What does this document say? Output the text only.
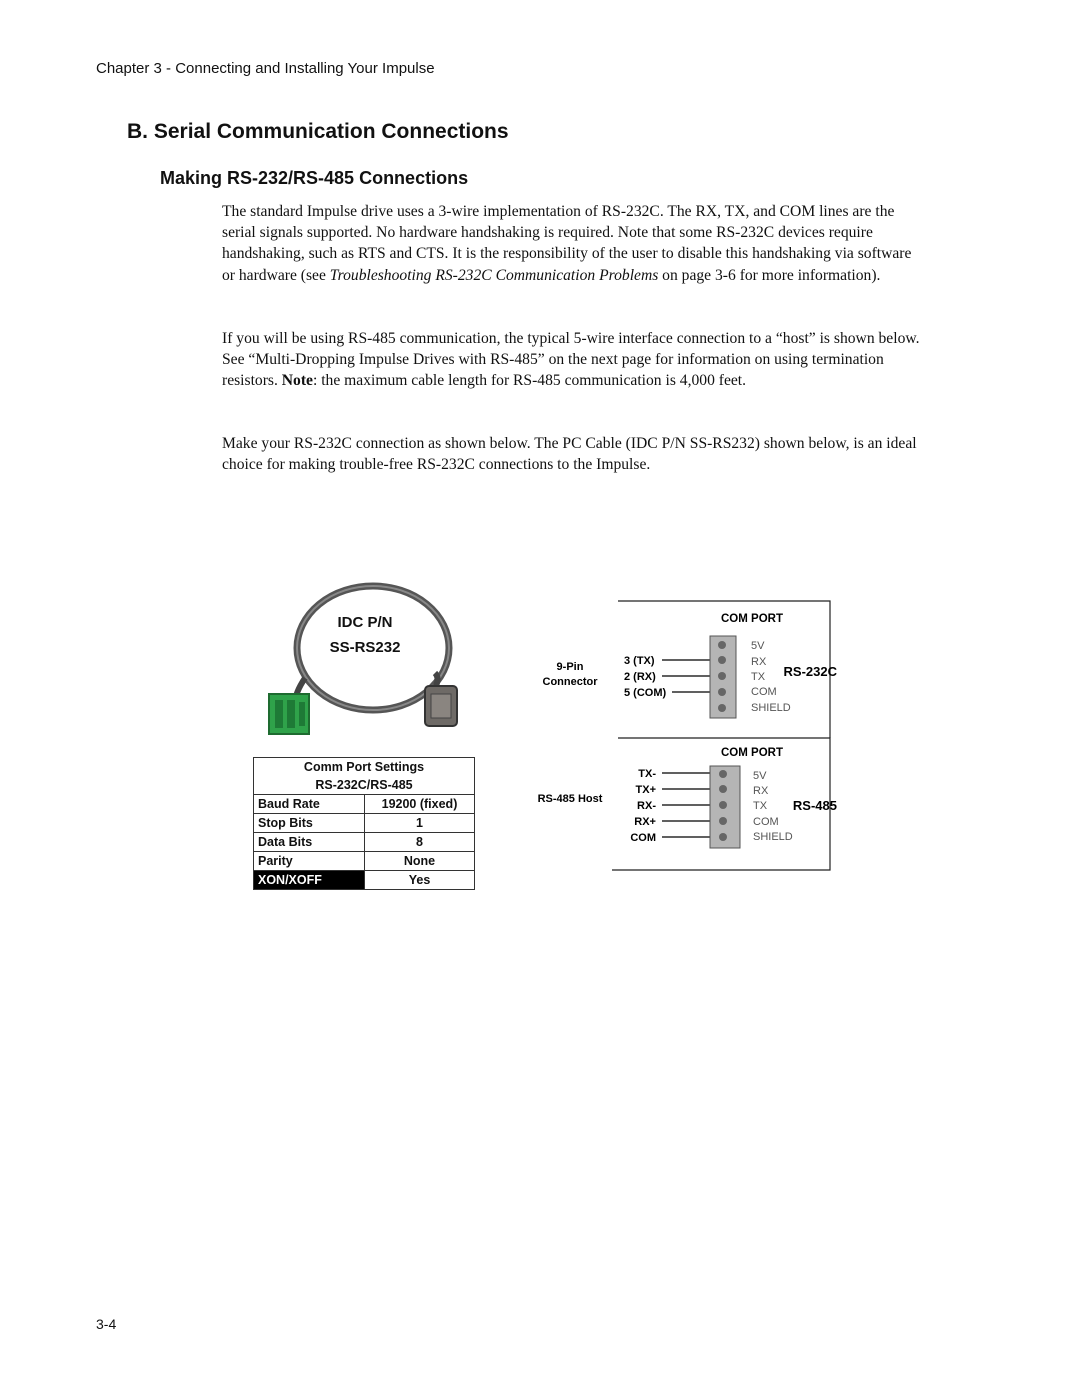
Chapter 3 - Connecting and Installing Your Impulse
B. Serial Communication Connections
Making RS-232/RS-485 Connections

The standard Impulse drive uses a 3-wire implementation of RS-232C. The RX, TX, and COM lines are the serial signals supported. No hardware handshaking is required. Note that some RS-232C devices require handshaking, such as RTS and CTS. It is the responsibility of the user to disable this handshaking via software or hardware (see Troubleshooting RS-232C Communication Problems on page 3-6 for more information).

If you will be using RS-485 communication, the typical 5-wire interface connection to a “host” is shown below. See “Multi-Dropping Impulse Drives with RS-485” on the next page for information on using termination resistors. Note: the maximum cable length for RS-485 communication is 4,000 feet.

Make your RS-232C connection as shown below. The PC Cable (IDC P/N SS-RS232) shown below, is an ideal choice for making trouble-free RS-232C connections to the Impulse.

IDC P/N
SS-RS232
Comm Port Settings	
RS-232C/RS-485	
Baud Rate	19200 (fixed)
Stop Bits	1
Data Bits	8
Parity	None
XON/XOFF	Yes
COM PORT
9-Pin
Connector
3 (TX)
2 (RX)
5 (COM)
5V
RX
TX
COM
SHIELD
RS-232C
COM PORT
RS-485 Host
TX-
TX+
RX-
RX+
COM
5V
RX
TX
COM
SHIELD
RS-485
3-4
